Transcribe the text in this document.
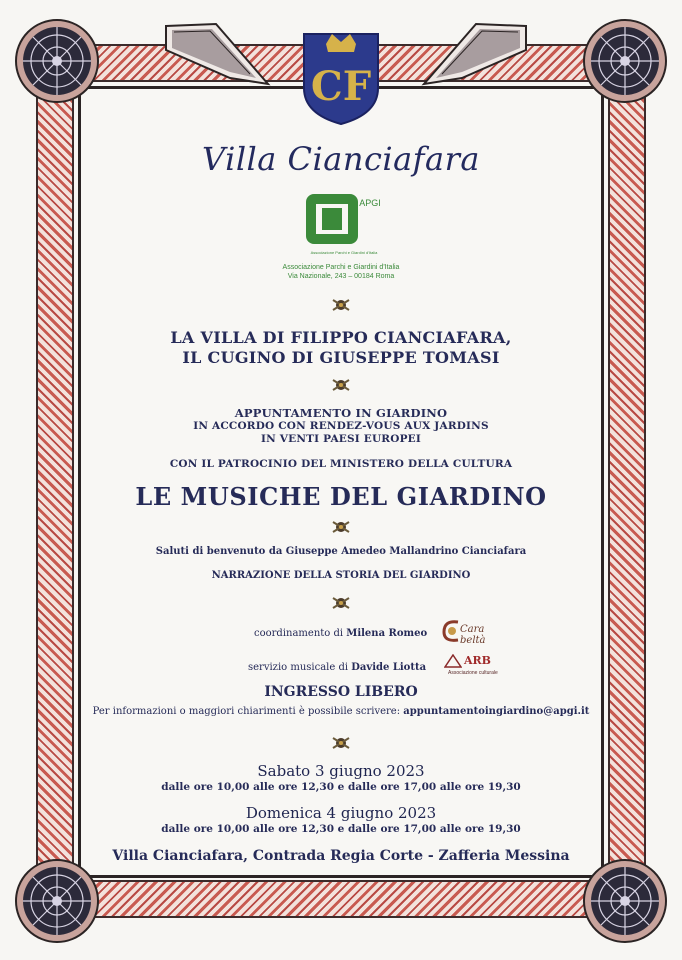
CF
Villa Cianciafara
APGI
Associazione Parchi e Giardini d'Italia
Associazione Parchi e Giardini d'Italia
Via Nazionale, 243 – 00184 Roma
LA VILLA DI FILIPPO CIANCIAFARA,
IL CUGINO DI GIUSEPPE TOMASI
APPUNTAMENTO IN GIARDINO
IN ACCORDO CON RENDEZ-VOUS AUX JARDINS
IN VENTI PAESI EUROPEI
CON IL PATROCINIO DEL MINISTERO DELLA CULTURA
LE MUSICHE DEL GIARDINO
Saluti di benvenuto da Giuseppe Amedeo Mallandrino Cianciafara
NARRAZIONE DELLA STORIA DEL GIARDINO
coordinamento di Milena Romeo	Cara beltà
servizio musicale di Davide Liotta
ARB
Associazione culturale
INGRESSO LIBERO
Per informazioni o maggiori chiarimenti è possibile scrivere: appuntamentoingiardino@apgi.it
Sabato 3 giugno 2023
dalle ore 10,00 alle ore 12,30 e dalle ore 17,00 alle ore 19,30
Domenica 4 giugno 2023
dalle ore 10,00 alle ore 12,30 e dalle ore 17,00 alle ore 19,30
Villa Cianciafara, Contrada Regia Corte - Zafferia Messina
